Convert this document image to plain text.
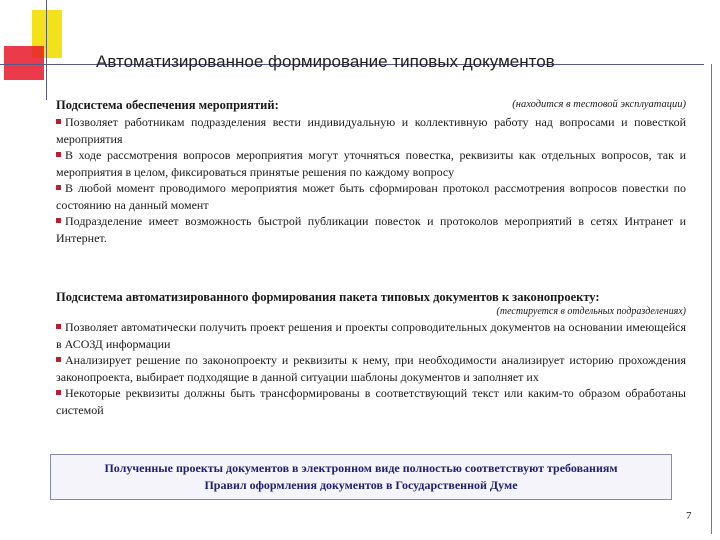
Автоматизированное формирование типовых документов
Подсистема обеспечения мероприятий:	(находится в тестовой эксплуатации)

Позволяет работникам подразделения вести индивидуальную и коллективную работу над вопросами и повесткой мероприятия

В ходе рассмотрения вопросов мероприятия могут уточняться повестка, реквизиты как отдельных вопросов, так и мероприятия в целом, фиксироваться принятые решения по каждому вопросу

В любой момент проводимого мероприятия может быть сформирован протокол рассмотрения вопросов повестки по состоянию на данный момент

Подразделение имеет возможность быстрой публикации повесток и протоколов мероприятий в сетях Интранет и Интернет.

Подсистема автоматизированного формирования пакета типовых документов к законопроекту:
(тестируется в отдельных подразделениях)

Позволяет автоматически получить проект решения и проекты сопроводительных документов на основании имеющейся в АСОЗД информации

Анализирует решение по законопроекту и реквизиты к нему, при необходимости анализирует историю прохождения законопроекта, выбирает подходящие в данной ситуации шаблоны документов и заполняет их

Некоторые реквизиты должны быть трансформированы в соответствующий текст или каким-то образом обработаны системой

Полученные проекты документов в электронном виде полностью соответствуют требованиям
Правил оформления документов в Государственной Думе
7
